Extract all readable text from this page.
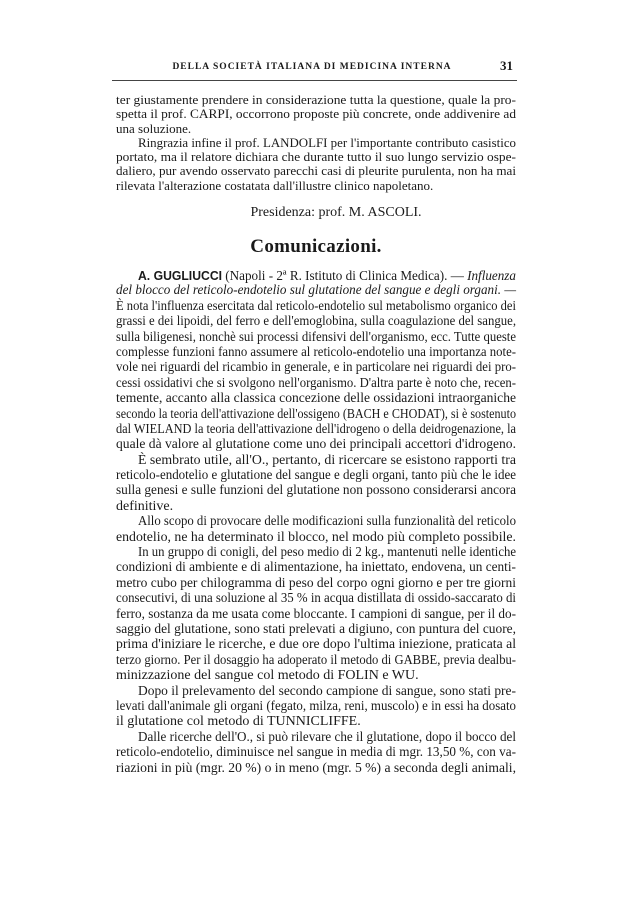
DELLA SOCIETÀ ITALIANA DI MEDICINA INTERNA	31
ter giustamente prendere in considerazione tutta la questione, quale la pro-
spetta il prof. CARPI, occorrono proposte più concrete, onde addivenire ad
una soluzione.
Ringrazia infine il prof. LANDOLFI per l'importante contributo casistico
portato, ma il relatore dichiara che durante tutto il suo lungo servizio ospe-
daliero, pur avendo osservato parecchi casi di pleurite purulenta, non ha mai
rilevata l'alterazione costatata dall'illustre clinico napoletano.
Presidenza: prof. M. ASCOLI.
Comunicazioni.
A. GUGLIUCCI (Napoli - 2ª R. Istituto di Clinica Medica). — Influenza
del blocco del reticolo-endotelio sul glutatione del sangue e degli organi. —
È nota l'influenza esercitata dal reticolo-endotelio sul metabolismo organico dei
grassi e dei lipoidi, del ferro e dell'emoglobina, sulla coagulazione del sangue,
sulla biligenesi, nonchè sui processi difensivi dell'organismo, ecc. Tutte queste
complesse funzioni fanno assumere al reticolo-endotelio una importanza note-
vole nei riguardi del ricambio in generale, e in particolare nei riguardi dei pro-
cessi ossidativi che si svolgono nell'organismo. D'altra parte è noto che, recen-
temente, accanto alla classica concezione delle ossidazioni intraorganiche
secondo la teoria dell'attivazione dell'ossigeno (BACH e CHODAT), si è sostenuto
dal WIELAND la teoria dell'attivazione dell'idrogeno o della deidrogenazione, la
quale dà valore al glutatione come uno dei principali accettori d'idrogeno.
È sembrato utile, all'O., pertanto, di ricercare se esistono rapporti tra
reticolo-endotelio e glutatione del sangue e degli organi, tanto più che le idee
sulla genesi e sulle funzioni del glutatione non possono considerarsi ancora
definitive.
Allo scopo di provocare delle modificazioni sulla funzionalità del reticolo
endotelio, ne ha determinato il blocco, nel modo più completo possibile.
In un gruppo di conigli, del peso medio di 2 kg., mantenuti nelle identiche
condizioni di ambiente e di alimentazione, ha iniettato, endovena, un centi-
metro cubo per chilogramma di peso del corpo ogni giorno e per tre giorni
consecutivi, di una soluzione al 35 % in acqua distillata di ossido-saccarato di
ferro, sostanza da me usata come bloccante. I campioni di sangue, per il do-
saggio del glutatione, sono stati prelevati a digiuno, con puntura del cuore,
prima d'iniziare le ricerche, e due ore dopo l'ultima iniezione, praticata al
terzo giorno. Per il dosaggio ha adoperato il metodo di GABBE, previa dealbu-
minizzazione del sangue col metodo di FOLIN e WU.
Dopo il prelevamento del secondo campione di sangue, sono stati pre-
levati dall'animale gli organi (fegato, milza, reni, muscolo) e in essi ha dosato
il glutatione col metodo di TUNNICLIFFE.
Dalle ricerche dell'O., si può rilevare che il glutatione, dopo il bocco del
reticolo-endotelio, diminuisce nel sangue in media di mgr. 13,50 %, con va-
riazioni in più (mgr. 20 %) o in meno (mgr. 5 %) a seconda degli animali,
